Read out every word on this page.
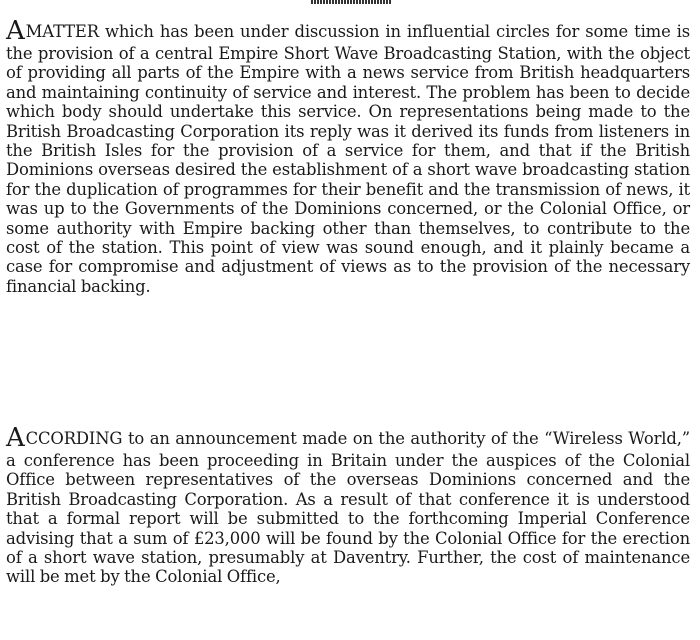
AMATTER which has been under discussion in influential circles for some time is the provision of a central Empire Short Wave Broadcasting Station, with the object of providing all parts of the Empire with a news service from British headquarters and maintaining continuity of service and interest. The problem has been to decide which body should undertake this service. On representations being made to the British Broadcasting Corporation its reply was it derived its funds from listeners in the British Isles for the provision of a service for them, and that if the British Dominions overseas desired the establishment of a short wave broadcasting station for the duplication of programmes for their benefit and the transmission of news, it was up to the Governments of the Dominions concerned, or the Colonial Office, or some authority with Empire backing other than themselves, to contribute to the cost of the station. This point of view was sound enough, and it plainly became a case for compromise and adjustment of views as to the provision of the necessary financial backing.

ACCORDING to an announcement made on the authority of the “Wireless World,” a conference has been proceeding in Britain under the auspices of the Colonial Office between representatives of the overseas Dominions concerned and the British Broadcasting Corporation. As a result of that conference it is understood that a formal report will be submitted to the forthcoming Imperial Conference advising that a sum of £23,000 will be found by the Colonial Office for the erection of a short wave station, presumably at Daventry. Further, the cost of maintenance will be met by the Colonial Office,
